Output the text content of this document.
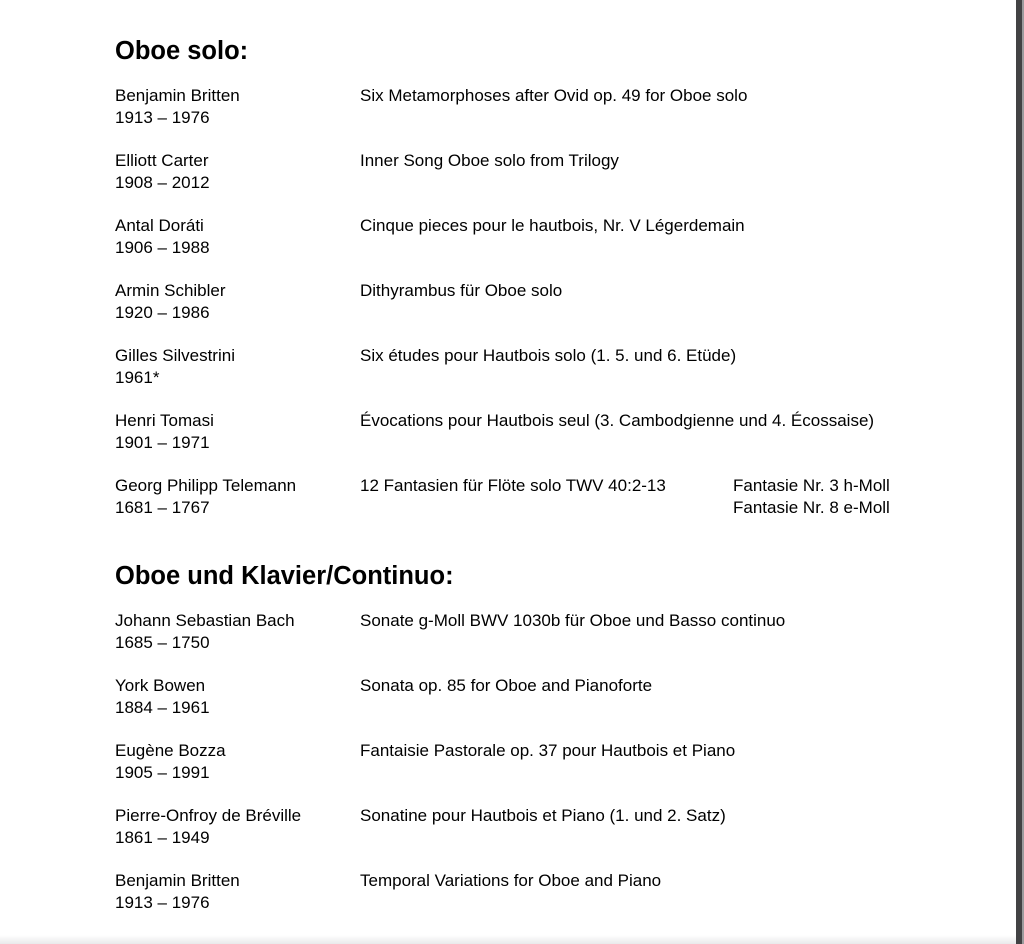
Oboe solo:
Benjamin Britten
1913 – 1976
Six Metamorphoses after Ovid op. 49 for Oboe solo
Elliott Carter
1908 – 2012
Inner Song Oboe solo from Trilogy
Antal Doráti
1906 – 1988
Cinque pieces pour le hautbois, Nr. V Légerdemain
Armin Schibler
1920 – 1986
Dithyrambus für Oboe solo
Gilles Silvestrini
1961*
Six études pour Hautbois solo (1. 5. und 6. Etüde)
Henri Tomasi
1901 – 1971
Évocations pour Hautbois seul (3. Cambodgienne und 4. Écossaise)
Georg Philipp Telemann
1681 – 1767
12 Fantasien für Flöte solo TWV 40:2-13	Fantasie Nr. 3 h-Moll
Fantasie Nr. 8 e-Moll
Oboe und Klavier/Continuo:
Johann Sebastian Bach
1685 – 1750
Sonate g-Moll BWV 1030b für Oboe und Basso continuo
York Bowen
1884 – 1961
Sonata op. 85 for Oboe and Pianoforte
Eugène Bozza
1905 – 1991
Fantaisie Pastorale op. 37 pour Hautbois et Piano
Pierre-Onfroy de Bréville
1861 – 1949
Sonatine pour Hautbois et Piano (1. und 2. Satz)
Benjamin Britten
1913 – 1976
Temporal Variations for Oboe and Piano
